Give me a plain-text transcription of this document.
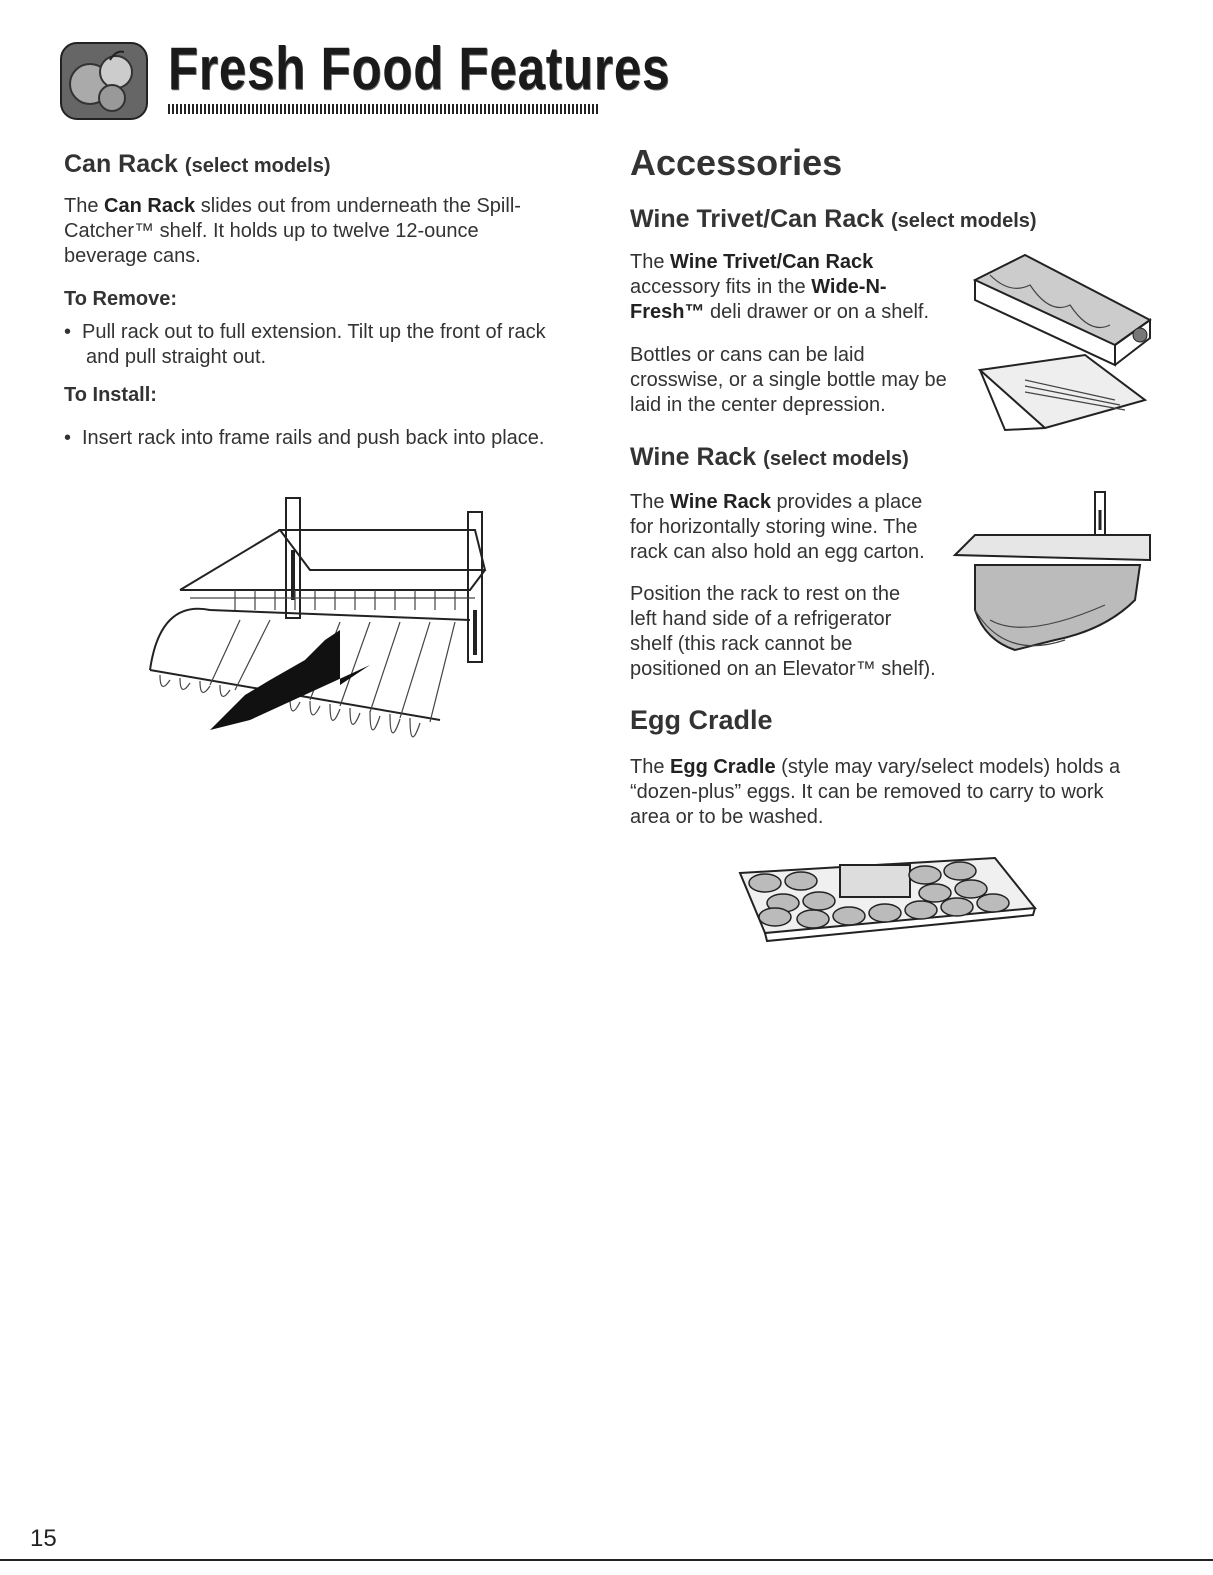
Fresh Food Features
Can Rack (select models)
The Can Rack slides out from underneath the Spill-
Catcher™ shelf. It holds up to twelve 12-ounce
beverage cans.
To Remove:
• Pull rack out to full extension. Tilt up the front of rack
and pull straight out.
To Install:
• Insert rack into frame rails and push back into place.
Accessories
Wine Trivet/Can Rack (select models)
The Wine Trivet/Can Rack
accessory fits in the Wide-N-
Fresh™ deli drawer or on a shelf.
Bottles or cans can be laid
crosswise, or a single bottle may be
laid in the center depression.
Wine Rack (select models)
The Wine Rack provides a place
for horizontally storing wine. The
rack can also hold an egg carton.
Position the rack to rest on the
left hand side of a refrigerator
shelf (this rack cannot be
positioned on an Elevator™ shelf).
Egg Cradle
The Egg Cradle (style may vary/select models) holds a
“dozen-plus” eggs. It can be removed to carry to work
area or to be washed.
15
